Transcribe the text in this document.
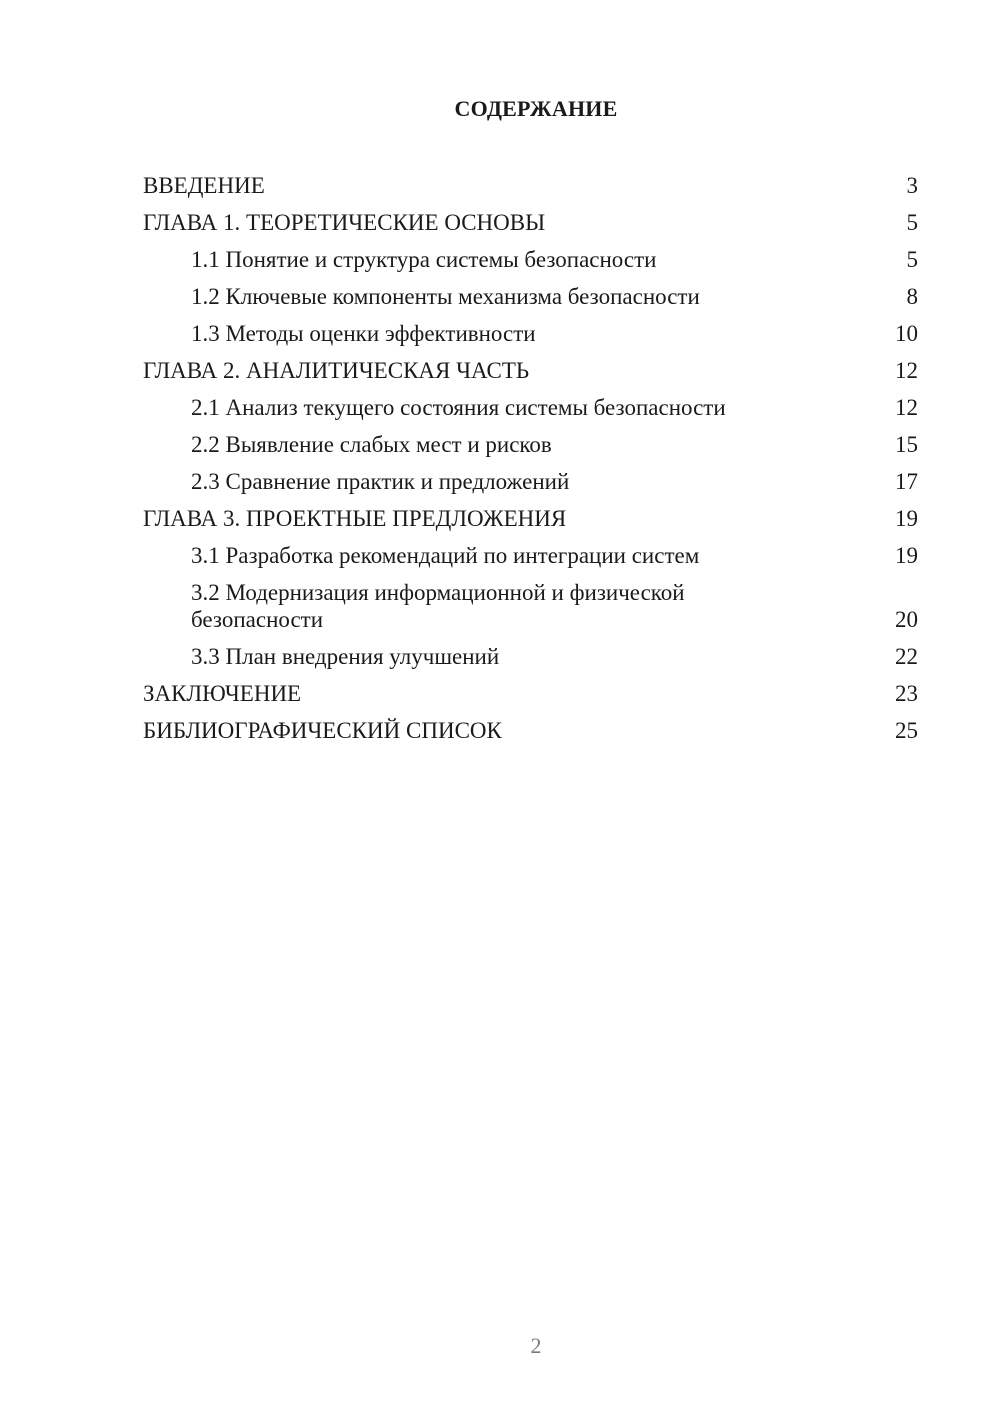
СОДЕРЖАНИЕ
ВВЕДЕНИЕ	3
ГЛАВА 1. ТЕОРЕТИЧЕСКИЕ ОСНОВЫ	5
1.1 Понятие и структура системы безопасности	5
1.2 Ключевые компоненты механизма безопасности	8
1.3 Методы оценки эффективности	10
ГЛАВА 2. АНАЛИТИЧЕСКАЯ ЧАСТЬ	12
2.1 Анализ текущего состояния системы безопасности	12
2.2 Выявление слабых мест и рисков	15
2.3 Сравнение практик и предложений	17
ГЛАВА 3. ПРОЕКТНЫЕ ПРЕДЛОЖЕНИЯ	19
3.1 Разработка рекомендаций по интеграции систем	19
3.2 Модернизация информационной и физической безопасности	20
3.3 План внедрения улучшений	22
ЗАКЛЮЧЕНИЕ	23
БИБЛИОГРАФИЧЕСКИЙ СПИСОК	25
2
